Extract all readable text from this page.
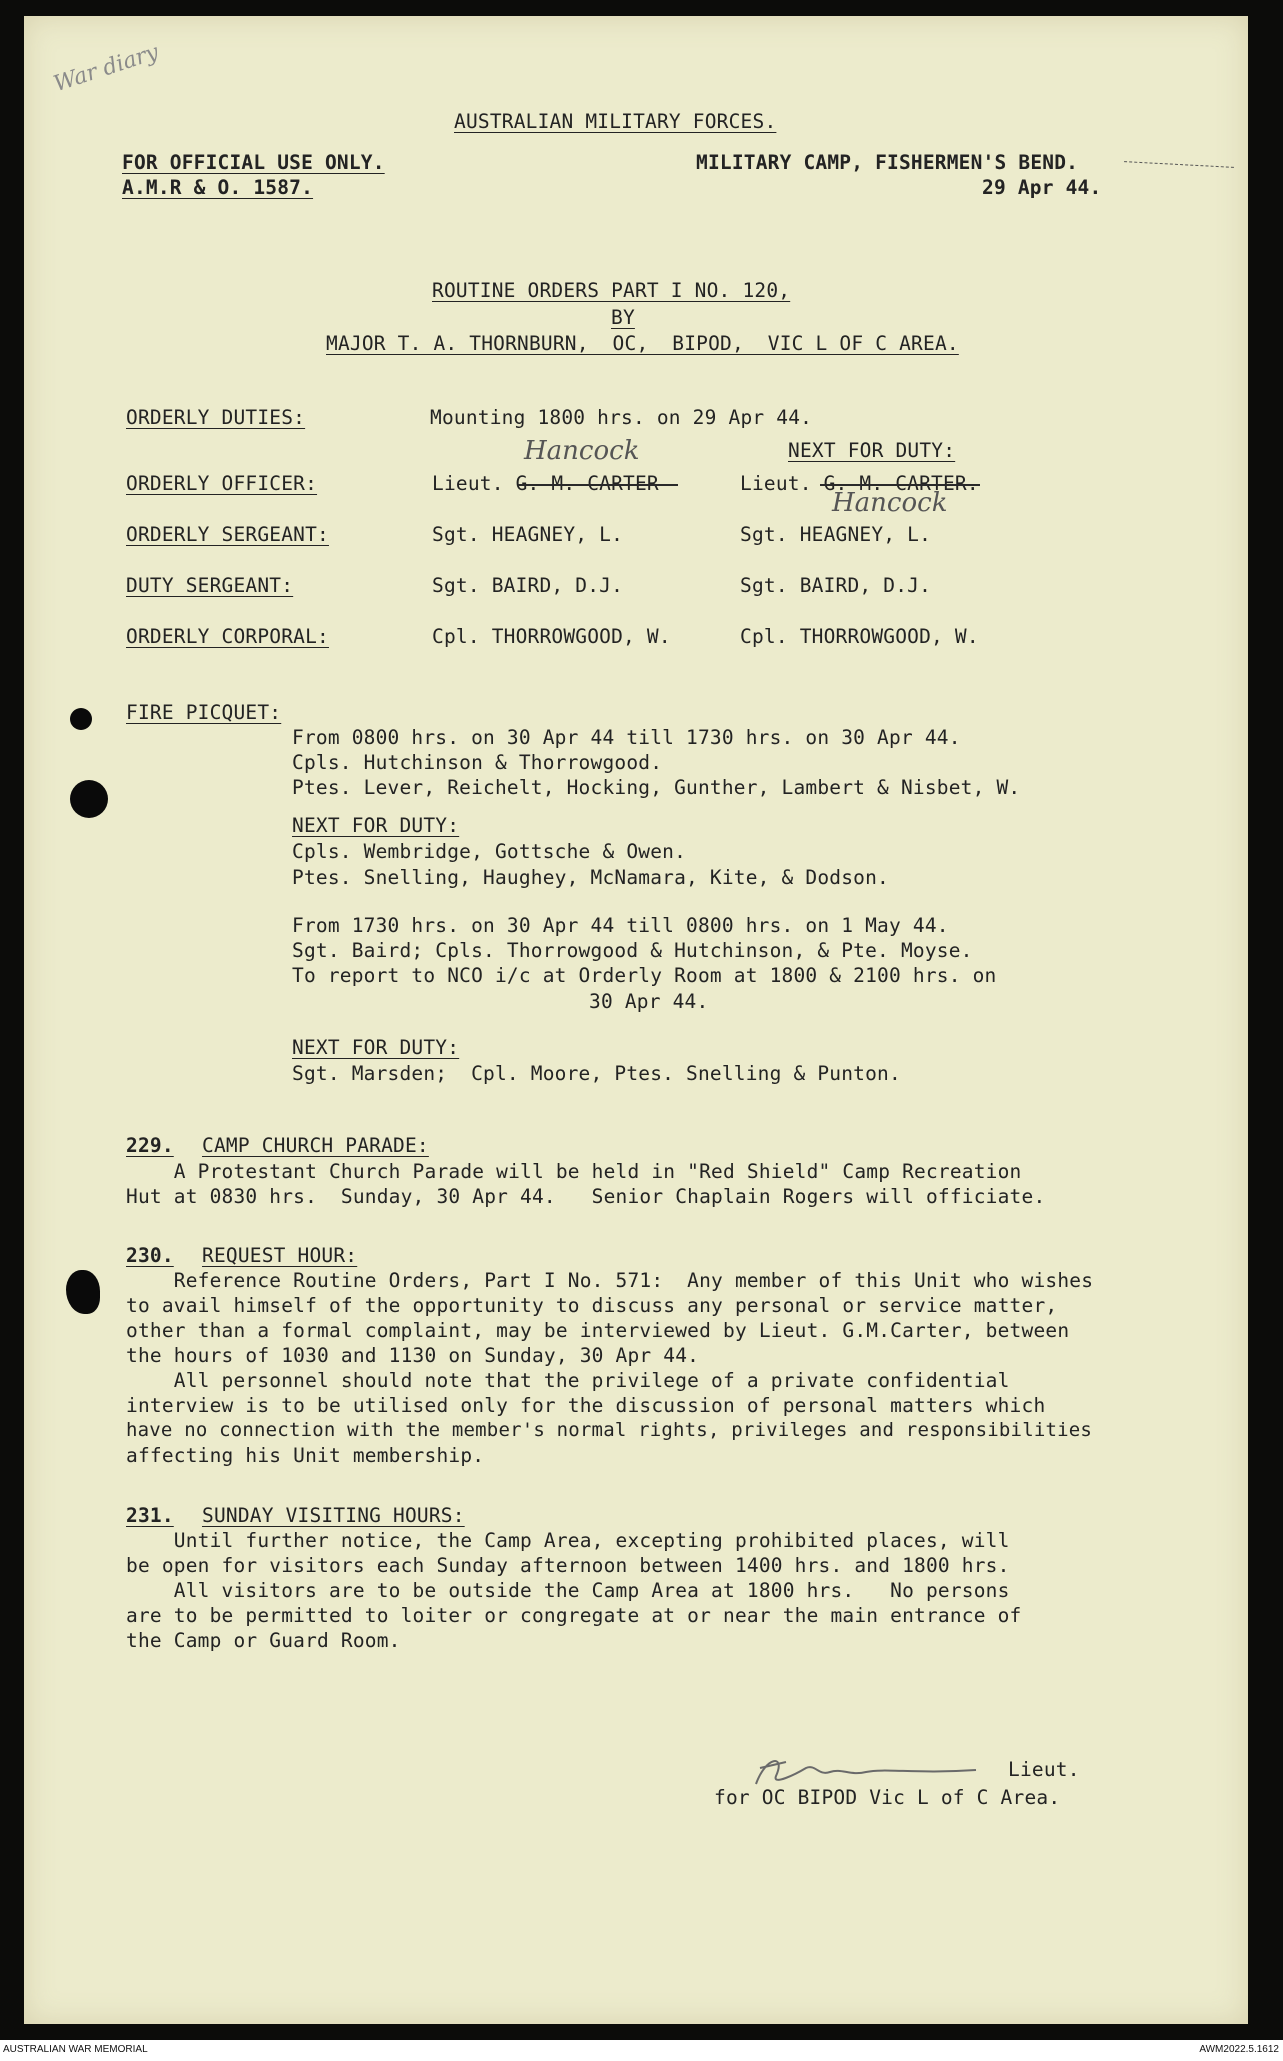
War diary
AUSTRALIAN MILITARY FORCES.
FOR OFFICIAL USE ONLY.
A.M.R & O. 1587.
MILITARY CAMP, FISHERMEN'S BEND.
29 Apr 44.
ROUTINE ORDERS PART I NO. 120,
BY
MAJOR T. A. THORNBURN,  OC,  BIPOD,  VIC L OF C AREA.
ORDERLY DUTIES:	Mounting 1800 hrs. on 29 Apr 44.
NEXT FOR DUTY:
ORDERLY OFFICER:	Lieut. G. M. CARTER	Lieut. G. M. CARTER.
Hancock
Hancock
ORDERLY SERGEANT:	Sgt. HEAGNEY, L.	Sgt. HEAGNEY, L.
DUTY SERGEANT:	Sgt. BAIRD, D.J.	Sgt. BAIRD, D.J.
ORDERLY CORPORAL:	Cpl. THORROWGOOD, W.	Cpl. THORROWGOOD, W.
FIRE PICQUET:
From 0800 hrs. on 30 Apr 44 till 1730 hrs. on 30 Apr 44.
Cpls. Hutchinson & Thorrowgood.
Ptes. Lever, Reichelt, Hocking, Gunther, Lambert & Nisbet, W.
NEXT FOR DUTY:
Cpls. Wembridge, Gottsche & Owen.
Ptes. Snelling, Haughey, McNamara, Kite, & Dodson.
From 1730 hrs. on 30 Apr 44 till 0800 hrs. on 1 May 44.
Sgt. Baird; Cpls. Thorrowgood & Hutchinson, & Pte. Moyse.
To report to NCO i/c at Orderly Room at 1800 & 2100 hrs. on
30 Apr 44.
NEXT FOR DUTY:
Sgt. Marsden;  Cpl. Moore, Ptes. Snelling & Punton.
229. CAMP CHURCH PARADE:
A Protestant Church Parade will be held in "Red Shield" Camp Recreation
Hut at 0830 hrs.  Sunday, 30 Apr 44.   Senior Chaplain Rogers will officiate.
230. REQUEST HOUR:
Reference Routine Orders, Part I No. 571:  Any member of this Unit who wishes
to avail himself of the opportunity to discuss any personal or service matter,
other than a formal complaint, may be interviewed by Lieut. G.M.Carter, between
the hours of 1030 and 1130 on Sunday, 30 Apr 44.
All personnel should note that the privilege of a private confidential
interview is to be utilised only for the discussion of personal matters which
have no connection with the member's normal rights, privileges and responsibilities
affecting his Unit membership.
231. SUNDAY VISITING HOURS:
Until further notice, the Camp Area, excepting prohibited places, will
be open for visitors each Sunday afternoon between 1400 hrs. and 1800 hrs.
All visitors are to be outside the Camp Area at 1800 hrs.   No persons
are to be permitted to loiter or congregate at or near the main entrance of
the Camp or Guard Room.
Lieut.
for OC BIPOD Vic L of C Area.
AUSTRALIAN WAR MEMORIAL	AWM2022.5.1612
